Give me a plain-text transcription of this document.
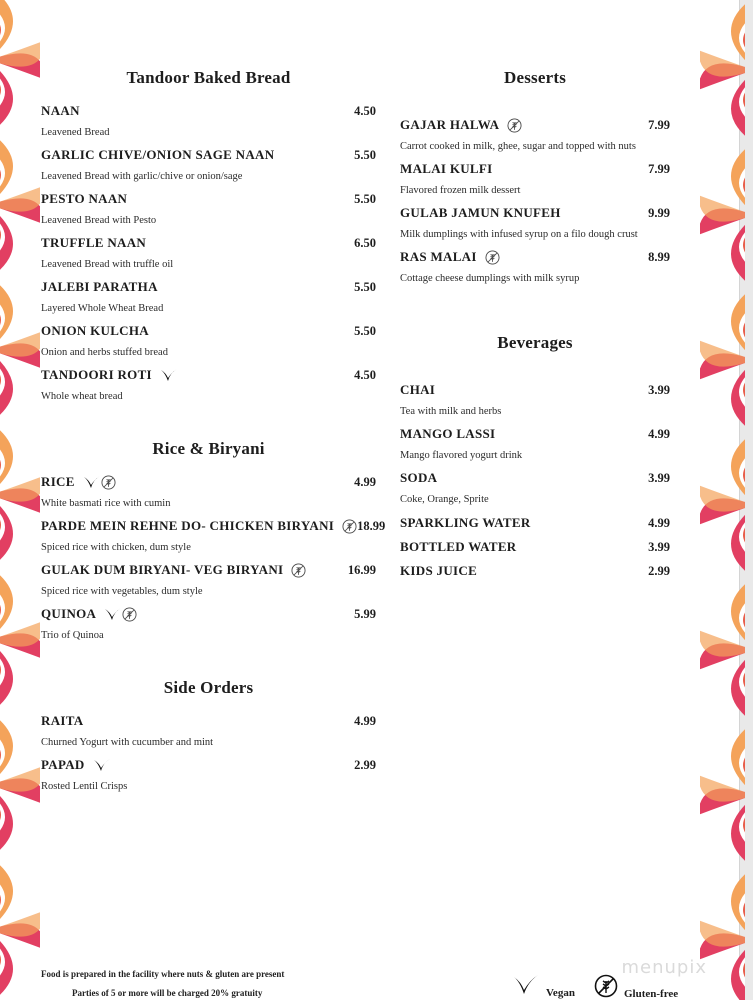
Tandoor Baked Bread
NAAN	4.50
Leavened Bread
GARLIC CHIVE/ONION SAGE NAAN	5.50
Leavened Bread with garlic/chive or onion/sage
PESTO NAAN	5.50
Leavened Bread with Pesto
TRUFFLE NAAN	6.50
Leavened Bread with truffle oil
JALEBI PARATHA	5.50
Layered Whole Wheat Bread
ONION KULCHA	5.50
Onion and herbs stuffed bread
TANDOORI ROTI	4.50
Whole wheat bread
Rice & Biryani
RICE	4.99
White basmati rice with cumin
PARDE MEIN REHNE DO- CHICKEN BIRYANI 18.99
Spiced rice with chicken, dum style
GULAK DUM BIRYANI- VEG BIRYANI	16.99
Spiced rice with vegetables, dum style
QUINOA	5.99
Trio of Quinoa
Side Orders
RAITA	4.99
Churned Yogurt with cucumber and mint
PAPAD	2.99
Rosted Lentil Crisps
Desserts
GAJAR HALWA	7.99
Carrot cooked in milk, ghee, sugar and topped with nuts
MALAI KULFI	7.99
Flavored frozen milk dessert
GULAB JAMUN KNUFEH	9.99
Milk dumplings with infused syrup on a filo dough crust
RAS MALAI	8.99
Cottage cheese dumplings with milk syrup
Beverages
CHAI	3.99
Tea with milk and herbs
MANGO LASSI	4.99
Mango flavored yogurt drink
SODA	3.99
Coke, Orange, Sprite
SPARKLING WATER	4.99
BOTTLED WATER	3.99
KIDS JUICE	2.99
Food is prepared in the facility where nuts & gluten are present
Parties of 5 or more will be charged 20% gratuity	Vegan	Gluten-free
menupix
